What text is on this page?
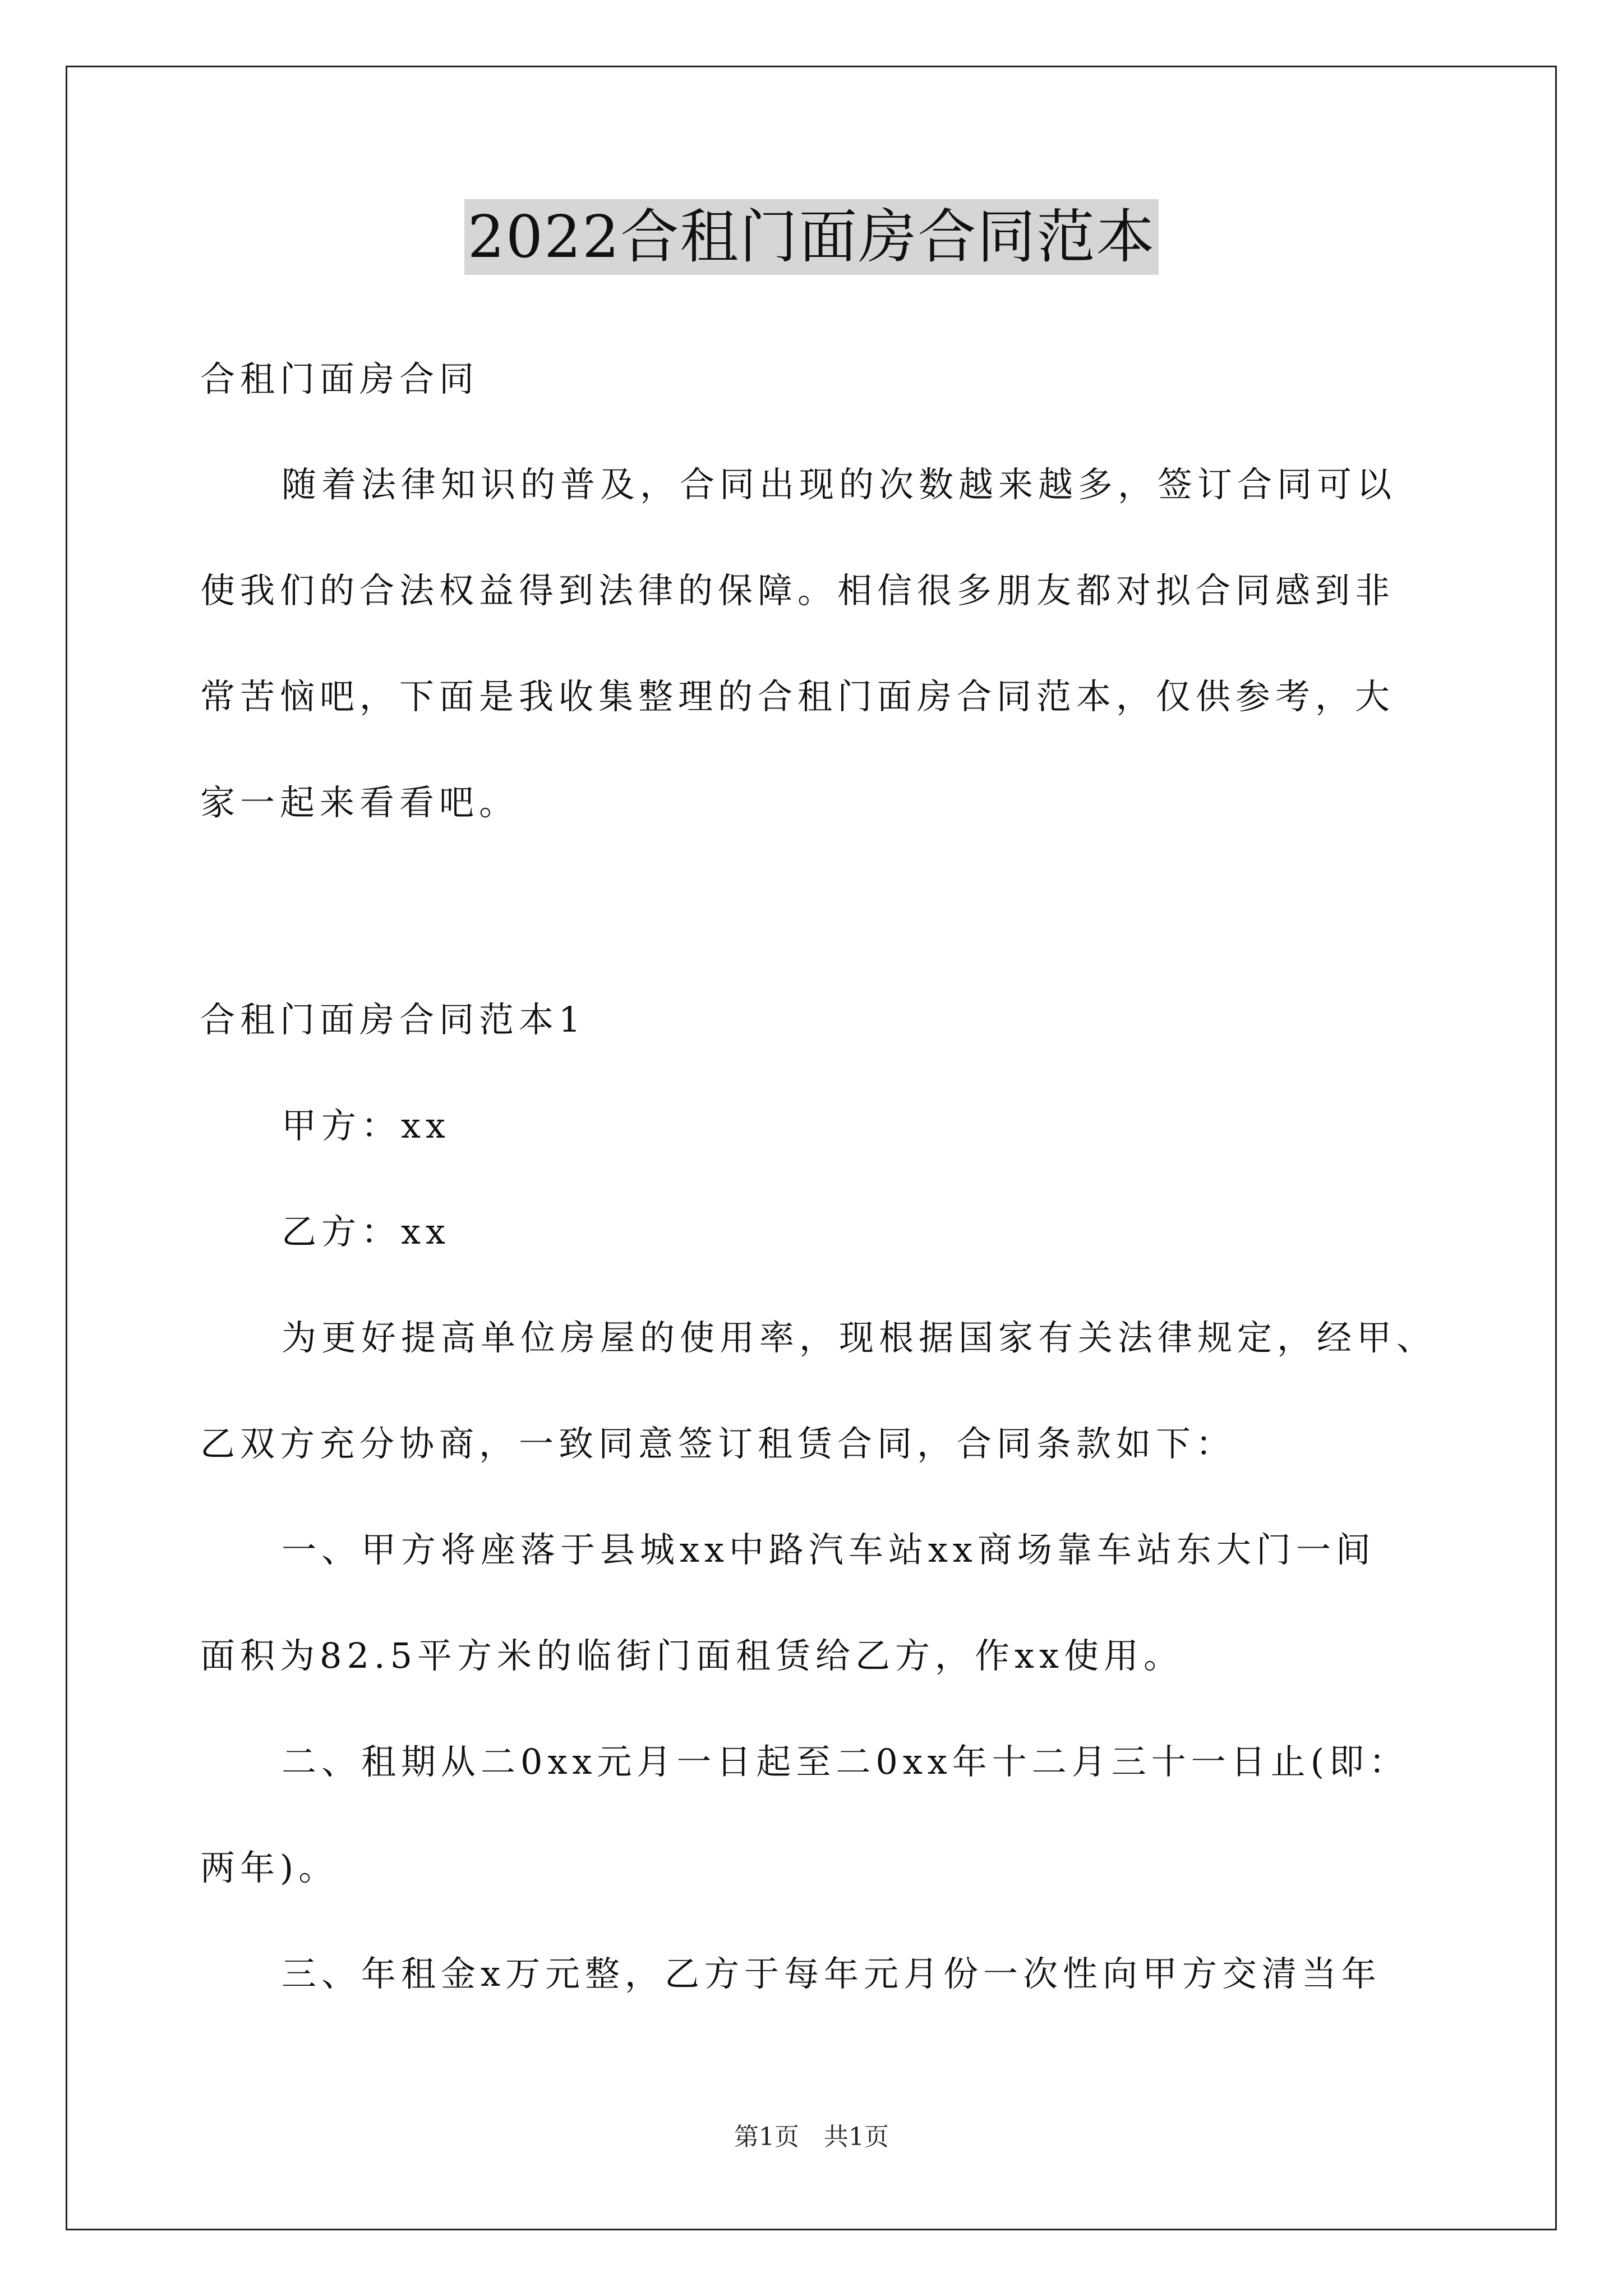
2022合租门面房合同范本
合租门面房合同
随着法律知识的普及，合同出现的次数越来越多，签订合同可以
使我们的合法权益得到法律的保障。相信很多朋友都对拟合同感到非
常苦恼吧，下面是我收集整理的合租门面房合同范本，仅供参考，大
家一起来看看吧。
合租门面房合同范本1
甲方：xx
乙方：xx
为更好提高单位房屋的使用率，现根据国家有关法律规定，经甲、
乙双方充分协商，一致同意签订租赁合同，合同条款如下：
一、甲方将座落于县城xx中路汽车站xx商场靠车站东大门一间
面积为82.5平方米的临街门面租赁给乙方，作xx使用。
二、租期从二0xx元月一日起至二0xx年十二月三十一日止(即：
两年)。
三、年租金x万元整，乙方于每年元月份一次性向甲方交清当年
第1页　共1页
